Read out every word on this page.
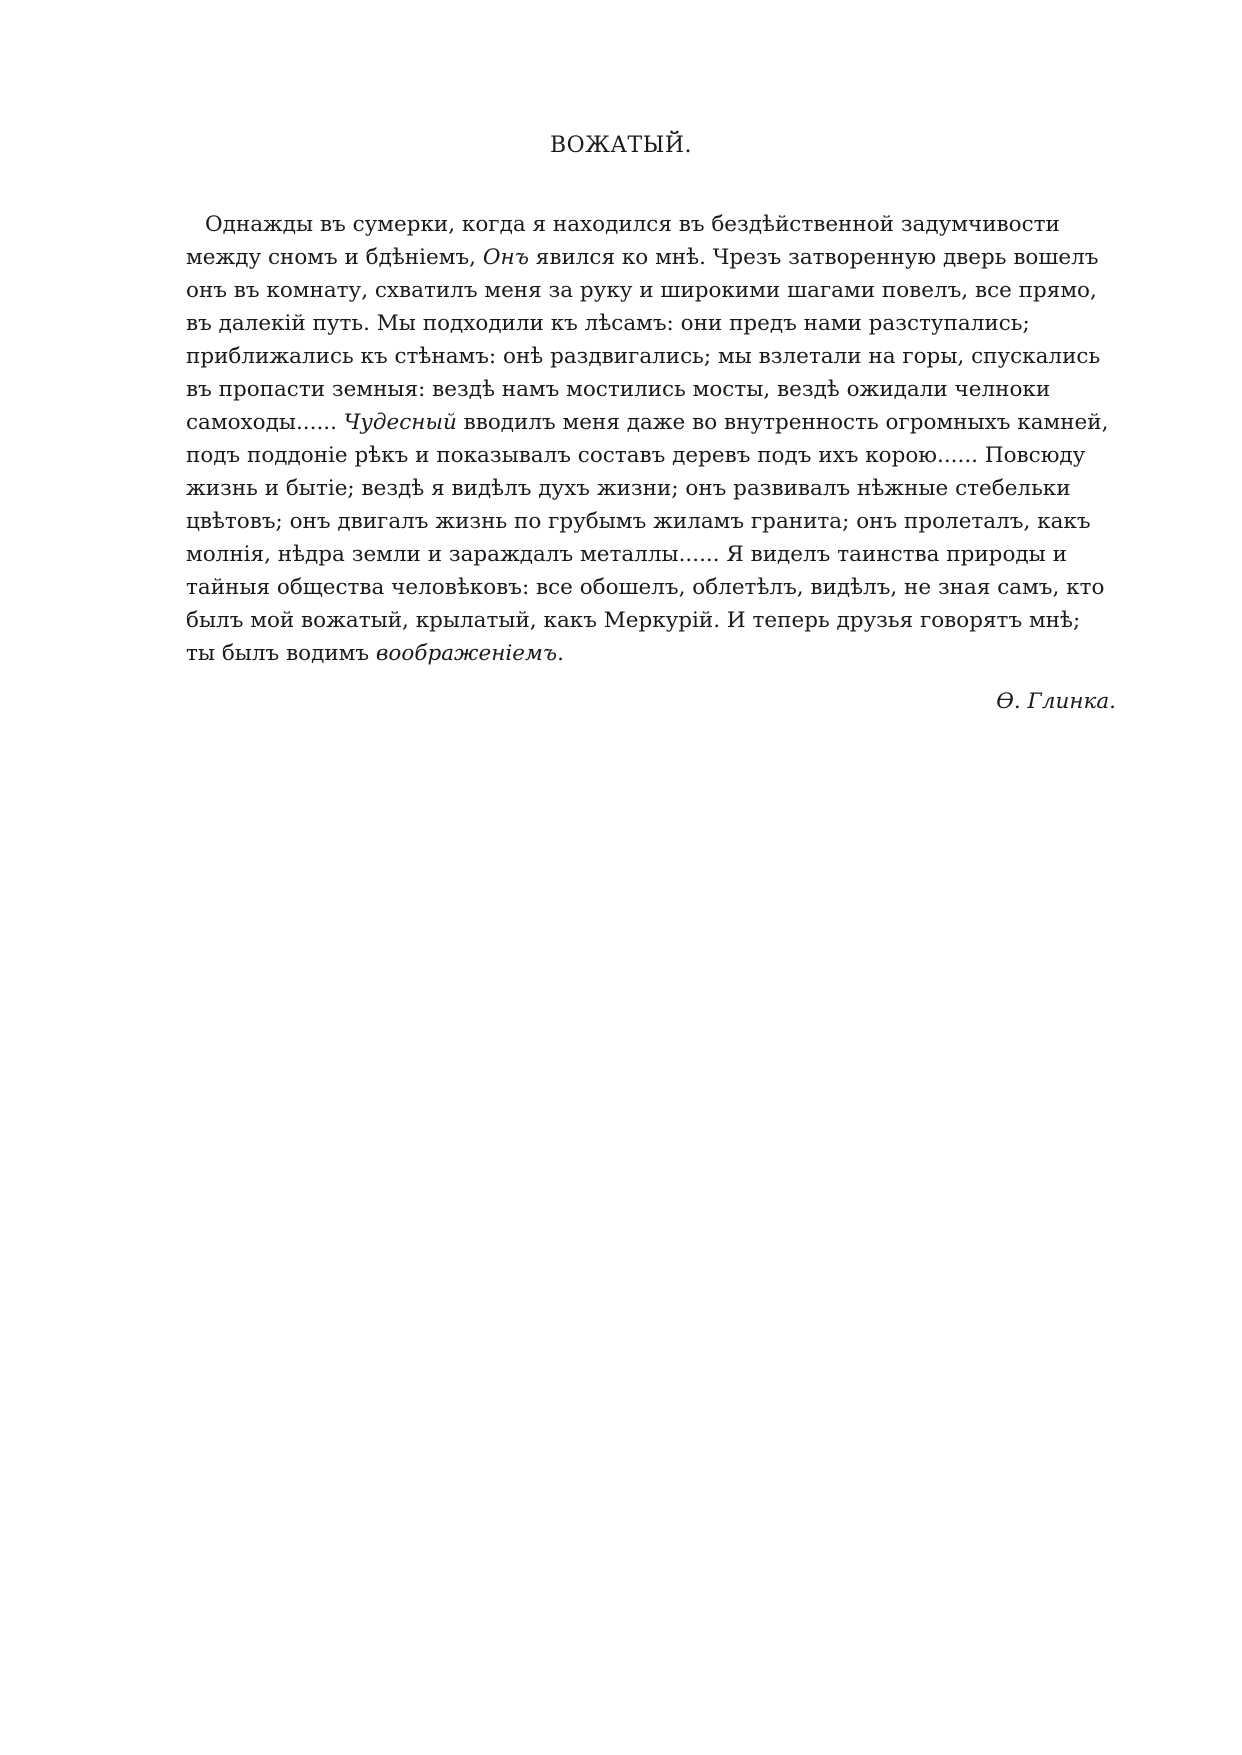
ВОЖАТЫЙ.
Однажды въ сумерки, когда я находился въ бездѣйственной задумчивости
между сномъ и бдѣніемъ, Онъ явился ко мнѣ. Чрезъ затворенную дверь вошелъ
онъ въ комнату, схватилъ меня за руку и широкими шагами повелъ, все прямо,
въ далекій путь. Мы подходили къ лѣсамъ: они предъ нами разступались;
приближались къ стѣнамъ: онѣ раздвигались; мы взлетали на горы, спускались
въ пропасти земныя: вездѣ намъ мостились мосты, вездѣ ожидали челноки
самоходы...... Чудесный вводилъ меня даже во внутренность огромныхъ камней,
подъ поддоніе рѣкъ и показывалъ составъ деревъ подъ ихъ корою...... Повсюду
жизнь и бытіе; вездѣ я видѣлъ духъ жизни; онъ развивалъ нѣжные стебельки
цвѣтовъ; онъ двигалъ жизнь по грубымъ жиламъ гранита; онъ пролеталъ, какъ
молнія, нѣдра земли и зараждалъ металлы...... Я виделъ таинства природы и
тайныя общества человѣковъ: все обошелъ, облетѣлъ, видѣлъ, не зная самъ, кто
былъ мой вожатый, крылатый, какъ Меркурій. И теперь друзья говорятъ мнѣ;
ты былъ водимъ воображеніемъ.
Ѳ. Глинка.
